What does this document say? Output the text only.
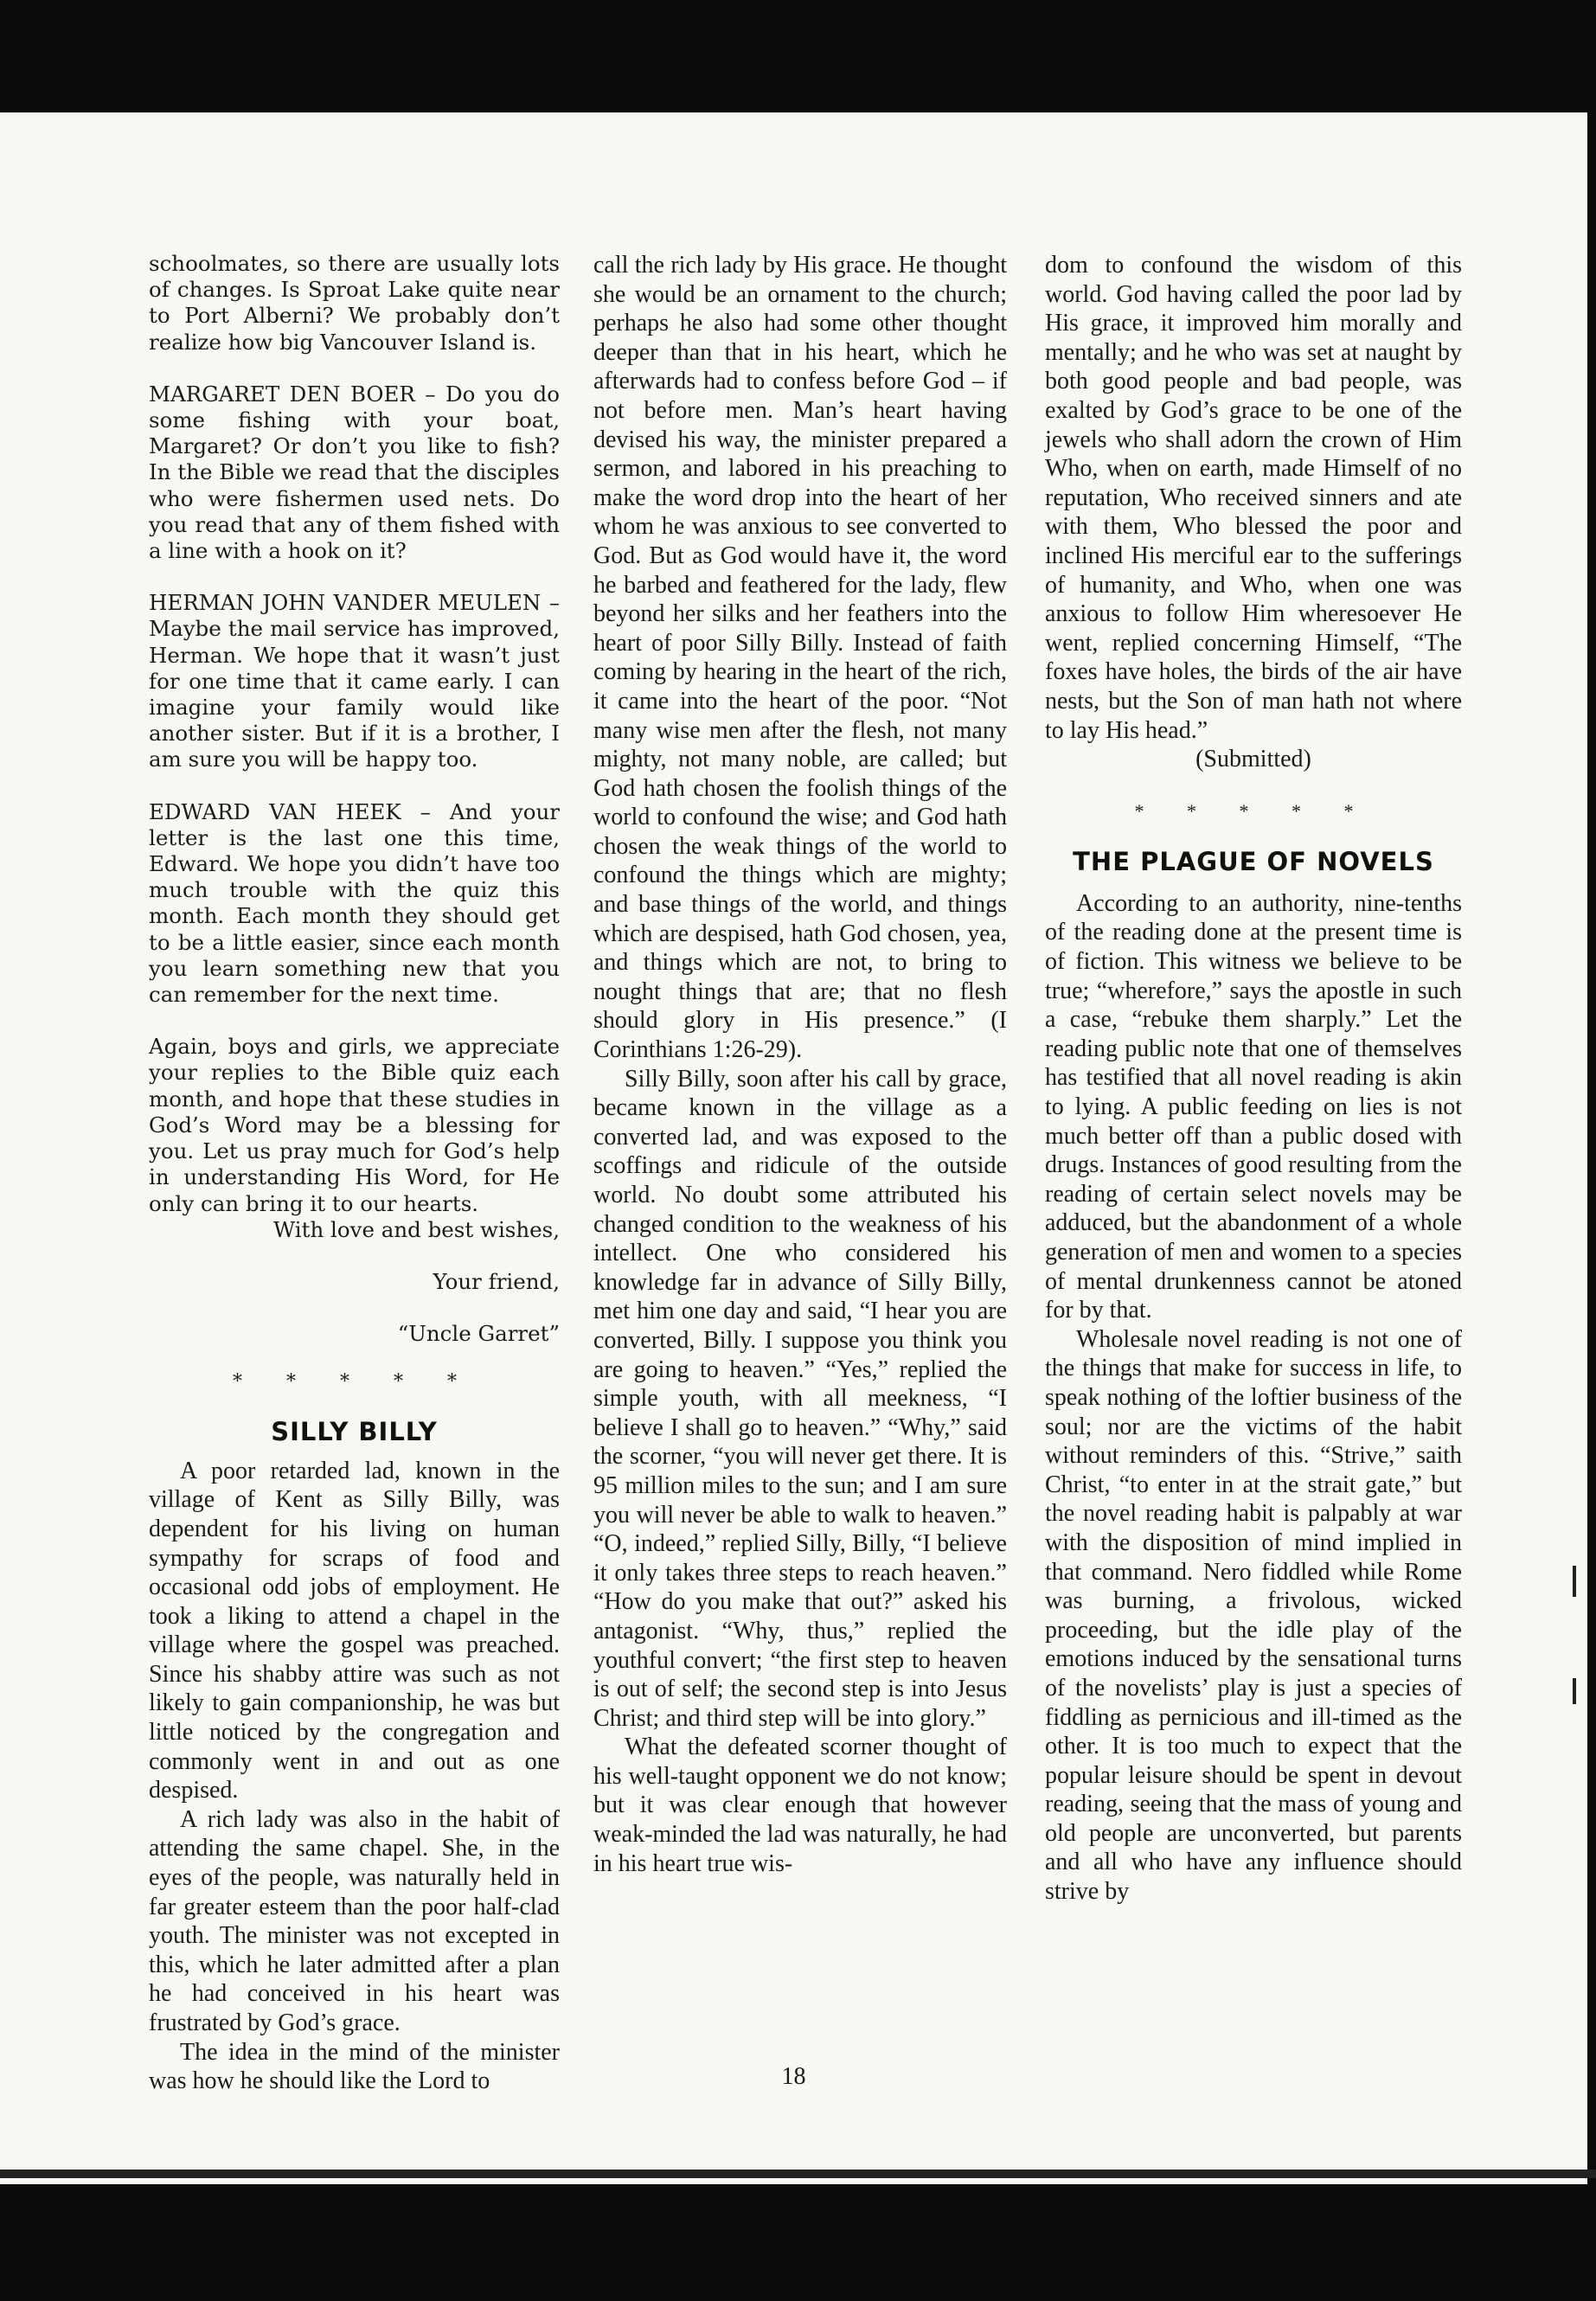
schoolmates, so there are usually lots of changes. Is Sproat Lake quite near to Port Alberni? We probably don’t realize how big Vancouver Island is.

MARGARET DEN BOER – Do you do some fishing with your boat, Margaret? Or don’t you like to fish? In the Bible we read that the disciples who were fishermen used nets. Do you read that any of them fished with a line with a hook on it?

HERMAN JOHN VANDER MEULEN – Maybe the mail service has improved, Herman. We hope that it wasn’t just for one time that it came early. I can imagine your family would like another sister. But if it is a brother, I am sure you will be happy too.

EDWARD VAN HEEK – And your letter is the last one this time, Edward. We hope you didn’t have too much trouble with the quiz this month. Each month they should get to be a little easier, since each month you learn something new that you can remember for the next time.

Again, boys and girls, we appreciate your replies to the Bible quiz each month, and hope that these studies in God’s Word may be a blessing for you. Let us pray much for God’s help in understanding His Word, for He only can bring it to our hearts.

With love and best wishes,

Your friend,

“Uncle Garret”

* * * * *
SILLY BILLY

A poor retarded lad, known in the village of Kent as Silly Billy, was dependent for his living on human sympathy for scraps of food and occasional odd jobs of employment. He took a liking to attend a chapel in the village where the gospel was preached. Since his shabby attire was such as not likely to gain companionship, he was but little noticed by the congregation and commonly went in and out as one despised.

A rich lady was also in the habit of attending the same chapel. She, in the eyes of the people, was naturally held in far greater esteem than the poor half-clad youth. The minister was not excepted in this, which he later admitted after a plan he had conceived in his heart was frustrated by God’s grace.

The idea in the mind of the minister was how he should like the Lord to

call the rich lady by His grace. He thought she would be an ornament to the church; perhaps he also had some other thought deeper than that in his heart, which he afterwards had to confess before God – if not before men. Man’s heart having devised his way, the minister prepared a sermon, and labored in his preaching to make the word drop into the heart of her whom he was anxious to see converted to God. But as God would have it, the word he barbed and feathered for the lady, flew beyond her silks and her feathers into the heart of poor Silly Billy. Instead of faith coming by hearing in the heart of the rich, it came into the heart of the poor. “Not many wise men after the flesh, not many mighty, not many noble, are called; but God hath chosen the foolish things of the world to confound the wise; and God hath chosen the weak things of the world to confound the things which are mighty; and base things of the world, and things which are despised, hath God chosen, yea, and things which are not, to bring to nought things that are; that no flesh should glory in His presence.” (I Corinthians 1:26-29).

Silly Billy, soon after his call by grace, became known in the village as a converted lad, and was exposed to the scoffings and ridicule of the outside world. No doubt some attributed his changed condition to the weakness of his intellect. One who considered his knowledge far in advance of Silly Billy, met him one day and said, “I hear you are converted, Billy. I suppose you think you are going to heaven.” “Yes,” replied the simple youth, with all meekness, “I believe I shall go to heaven.” “Why,” said the scorner, “you will never get there. It is 95 million miles to the sun; and I am sure you will never be able to walk to heaven.” “O, indeed,” replied Silly, Billy, “I believe it only takes three steps to reach heaven.” “How do you make that out?” asked his antagonist. “Why, thus,” replied the youthful convert; “the first step to heaven is out of self; the second step is into Jesus Christ; and third step will be into glory.”

What the defeated scorner thought of his well-taught opponent we do not know; but it was clear enough that however weak-minded the lad was naturally, he had in his heart true wis-

dom to confound the wisdom of this world. God having called the poor lad by His grace, it improved him morally and mentally; and he who was set at naught by both good people and bad people, was exalted by God’s grace to be one of the jewels who shall adorn the crown of Him Who, when on earth, made Himself of no reputation, Who received sinners and ate with them, Who blessed the poor and inclined His merciful ear to the sufferings of humanity, and Who, when one was anxious to follow Him wheresoever He went, replied concerning Himself, “The foxes have holes, the birds of the air have nests, but the Son of man hath not where to lay His head.”

(Submitted)

* * * * *
THE PLAGUE OF NOVELS

According to an authority, nine-tenths of the reading done at the present time is of fiction. This witness we believe to be true; “wherefore,” says the apostle in such a case, “rebuke them sharply.” Let the reading public note that one of themselves has testified that all novel reading is akin to lying. A public feeding on lies is not much better off than a public dosed with drugs. Instances of good resulting from the reading of certain select novels may be adduced, but the abandonment of a whole generation of men and women to a species of mental drunkenness cannot be atoned for by that.

Wholesale novel reading is not one of the things that make for success in life, to speak nothing of the loftier business of the soul; nor are the victims of the habit without reminders of this. “Strive,” saith Christ, “to enter in at the strait gate,” but the novel reading habit is palpably at war with the disposition of mind implied in that command. Nero fiddled while Rome was burning, a frivolous, wicked proceeding, but the idle play of the emotions induced by the sensational turns of the novelists’ play is just a species of fiddling as pernicious and ill-timed as the other. It is too much to expect that the popular leisure should be spent in devout reading, seeing that the mass of young and old people are unconverted, but parents and all who have any influence should strive by

18
